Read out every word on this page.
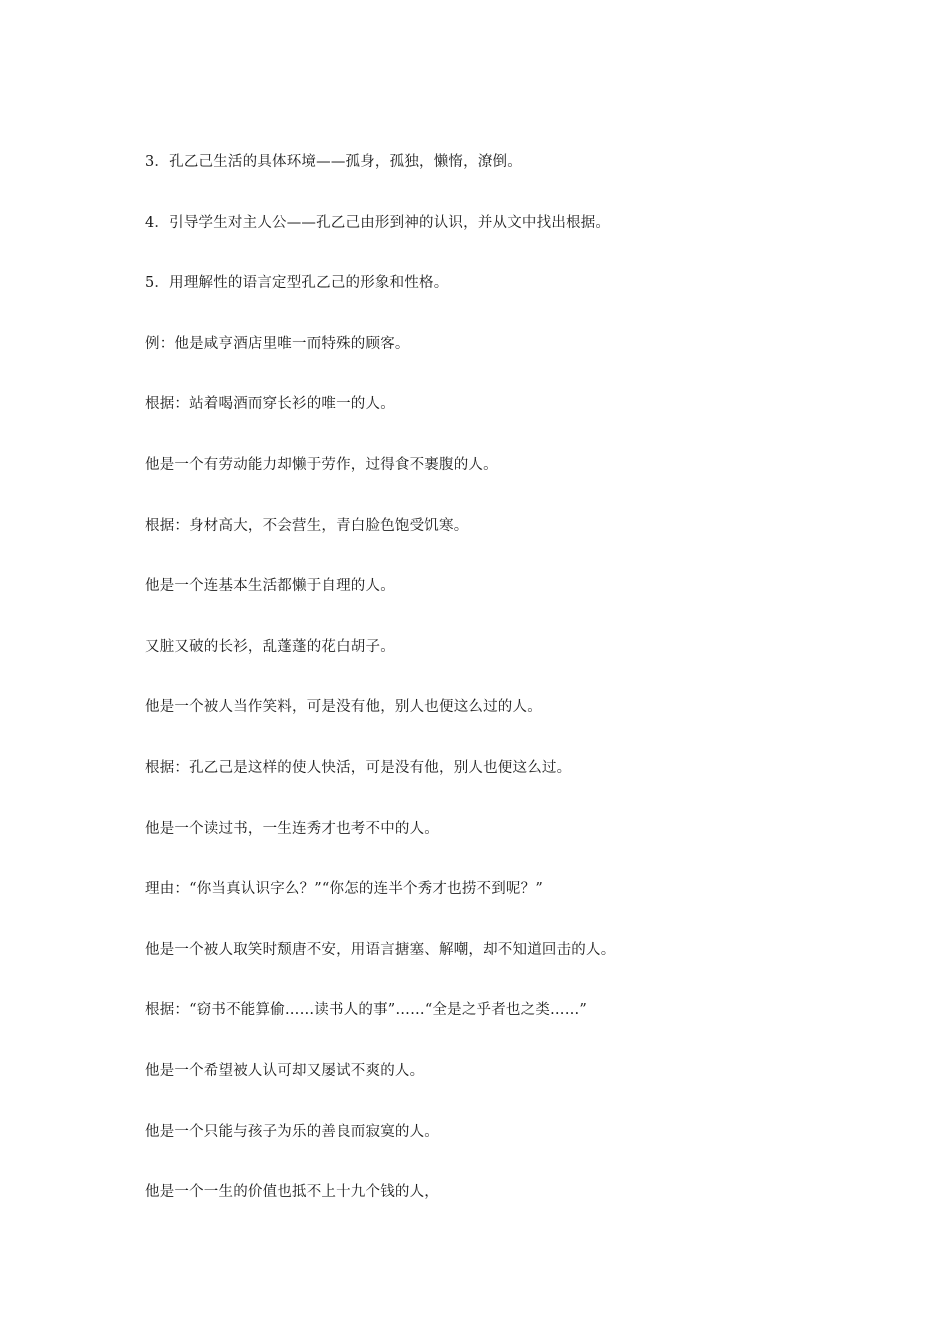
3．孔乙己生活的具体环境——孤身，孤独，懒惰，潦倒。
4．引导学生对主人公——孔乙己由形到神的认识，并从文中找出根据。
5．用理解性的语言定型孔乙己的形象和性格。
例：他是咸亨酒店里唯一而特殊的顾客。
根据：站着喝酒而穿长衫的唯一的人。
他是一个有劳动能力却懒于劳作，过得食不裹腹的人。
根据：身材高大，不会营生，青白脸色饱受饥寒。
他是一个连基本生活都懒于自理的人。
又脏又破的长衫，乱蓬蓬的花白胡子。
他是一个被人当作笑料，可是没有他，别人也便这么过的人。
根据：孔乙己是这样的使人快活，可是没有他，别人也便这么过。
他是一个读过书，一生连秀才也考不中的人。
理由：“你当真认识字么？”“你怎的连半个秀才也捞不到呢？”
他是一个被人取笑时颓唐不安，用语言搪塞、解嘲，却不知道回击的人。
根据：“窃书不能算偷……读书人的事”……“全是之乎者也之类……”
他是一个希望被人认可却又屡试不爽的人。
他是一个只能与孩子为乐的善良而寂寞的人。
他是一个一生的价值也抵不上十九个钱的人，
